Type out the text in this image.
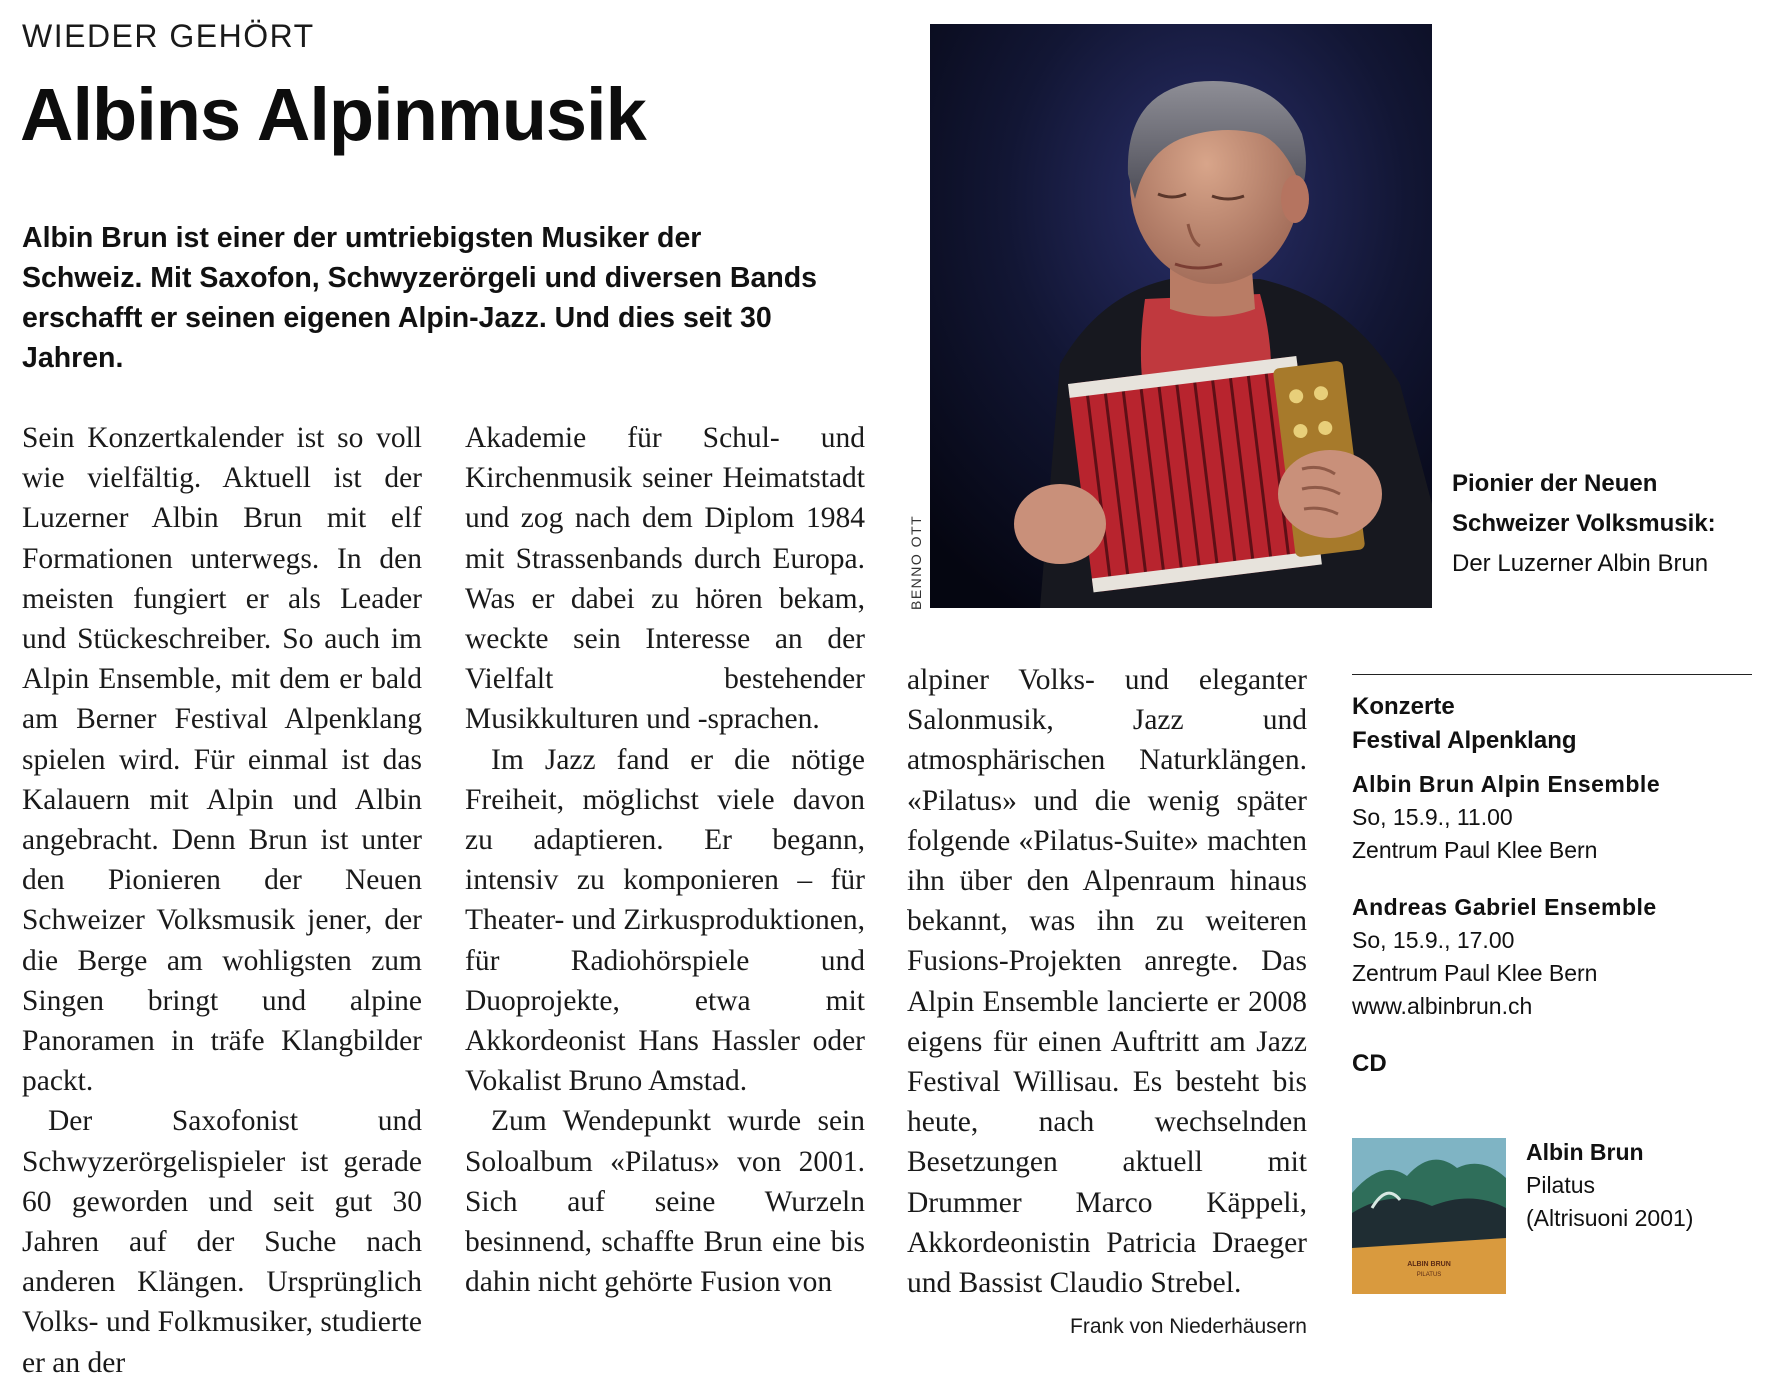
WIEDER GEHÖRT
Albins Alpinmusik
Albin Brun ist einer der umtriebigsten Musiker der Schweiz. Mit Saxofon, Schwyzerörgeli und diversen Bands erschafft er seinen eigenen Alpin-Jazz. Und dies seit 30 Jahren.

Sein Konzertkalender ist so voll wie vielfältig. Aktuell ist der Luzerner Albin Brun mit elf Formationen unterwegs. In den meisten fungiert er als Leader und Stückeschreiber. So auch im Alpin Ensemble, mit dem er bald am Berner Festival Alpenklang spielen wird. Für einmal ist das Kalauern mit Alpin und Albin angebracht. Denn Brun ist unter den Pionieren der Neuen Schweizer Volksmusik jener, der die Berge am wohligsten zum Singen bringt und alpine Panoramen in träfe Klangbilder packt.

Der Saxofonist und Schwyzerörgelispieler ist gerade 60 geworden und seit gut 30 Jahren auf der Suche nach anderen Klängen. Ursprünglich Volks- und Folkmusiker, studierte er an der

Akademie für Schul- und Kirchenmusik seiner Heimatstadt und zog nach dem Diplom 1984 mit Strassenbands durch Europa. Was er dabei zu hören bekam, weckte sein Interesse an der Vielfalt bestehender Musikkulturen und -sprachen.

Im Jazz fand er die nötige Freiheit, möglichst viele davon zu adaptieren. Er begann, intensiv zu komponieren – für Theater- und Zirkusproduktionen, für Radiohörspiele und Duoprojekte, etwa mit Akkordeonist Hans Hassler oder Vokalist Bruno Amstad.

Zum Wendepunkt wurde sein Soloalbum «Pilatus» von 2001. Sich auf seine Wurzeln besinnend, schaffte Brun eine bis dahin nicht gehörte Fusion von

alpiner Volks- und eleganter Salonmusik, Jazz und atmosphärischen Naturklängen. «Pilatus» und die wenig später folgende «Pilatus-Suite» machten ihn über den Alpenraum hinaus bekannt, was ihn zu weiteren Fusions-Projekten anregte. Das Alpin Ensemble lancierte er 2008 eigens für einen Auftritt am Jazz Festival Willisau. Es besteht bis heute, nach wechselnden Besetzungen aktuell mit Drummer Marco Käppeli, Akkordeonistin Patricia Draeger und Bassist Claudio Strebel.
Frank von Niederhäusern

BENNO OTT
Pionier der Neuen Schweizer Volksmusik: Der Luzerner Albin Brun
Konzerte
Festival Alpenklang
Albin Brun Alpin Ensemble
So, 15.9., 11.00
Zentrum Paul Klee Bern
Andreas Gabriel Ensemble
So, 15.9., 17.00
Zentrum Paul Klee Bern
www.albinbrun.ch
CD
ALBIN BRUN
PILATUS
Albin Brun
Pilatus
(Altrisuoni 2001)
